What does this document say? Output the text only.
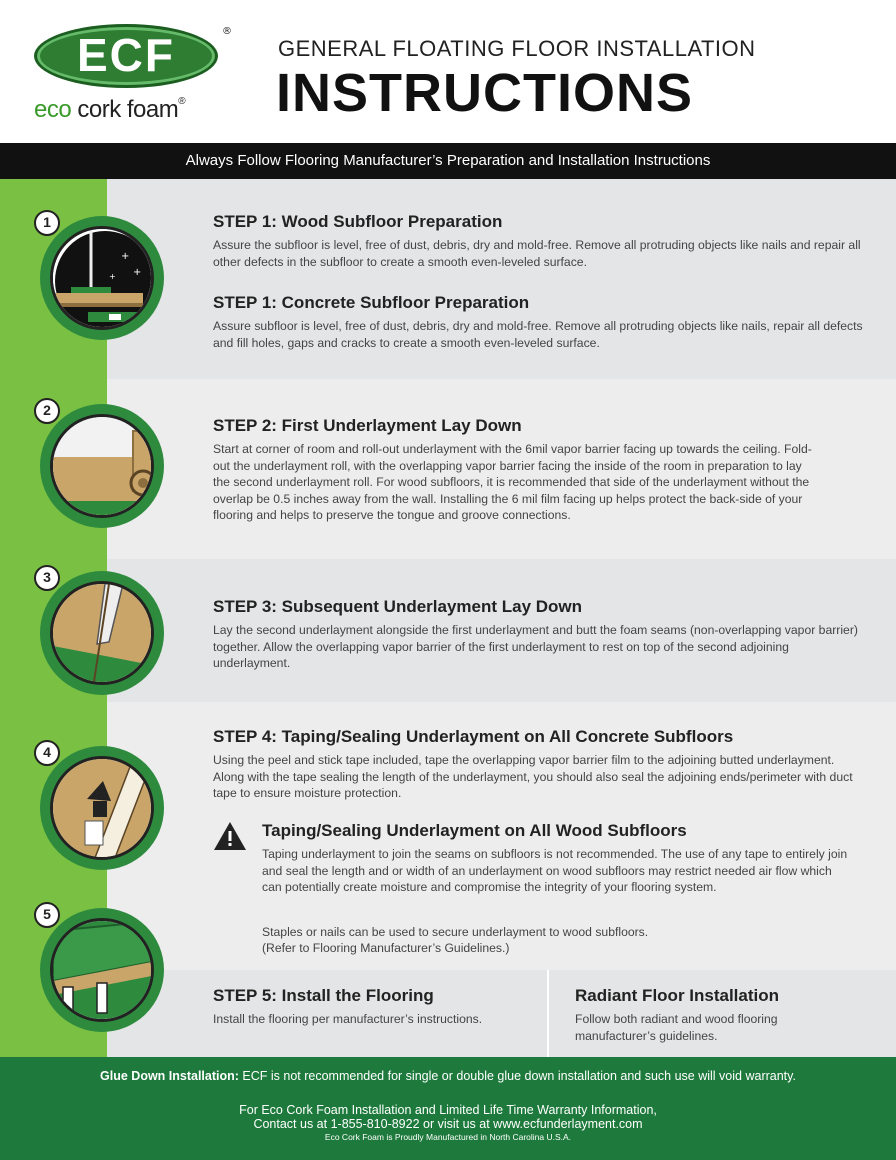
ECF	®
eco cork foam®
GENERAL FLOATING FLOOR INSTALLATION
INSTRUCTIONS
Always Follow Flooring Manufacturer’s Preparation and Installation Instructions
+
+
+
1	STEP 1: Wood Subfloor Preparation
Assure the subfloor is level, free of dust, debris, dry and mold-free. Remove all protruding objects like nails and repair all other defects in the subfloor to create a smooth even-leveled surface.
STEP 1: Concrete Subfloor Preparation
Assure subfloor is level, free of dust, debris, dry and mold-free. Remove all protruding objects like nails, repair all defects and fill holes, gaps and cracks to create a smooth even-leveled surface.
2
STEP 2: First Underlayment Lay Down
Start at corner of room and roll-out underlayment with the 6mil vapor barrier facing up towards the ceiling. Fold-out the underlayment roll, with the overlapping vapor barrier facing the inside of the room in preparation to lay the second underlayment roll. For wood subfloors, it is recommended that side of the underlayment without the overlap be 0.5 inches away from the wall. Installing the 6 mil film facing up helps protect the back-side of your flooring and helps to preserve the tongue and groove connections.
3
STEP 3: Subsequent Underlayment Lay Down
Lay the second underlayment alongside the first underlayment and butt the foam seams (non-overlapping vapor barrier) together. Allow the overlapping vapor barrier of the first underlayment to rest on top of the second adjoining underlayment.
4
STEP 4: Taping/Sealing Underlayment on All Concrete Subfloors
Using the peel and stick tape included, tape the overlapping vapor barrier film to the adjoining butted underlayment. Along with the tape sealing the length of the underlayment, you should also seal the adjoining ends/perimeter with duct tape to ensure moisture protection.
Taping/Sealing Underlayment on All Wood Subfloors
Taping underlayment to join the seams on subfloors is not recommended. The use of any tape to entirely join and seal the length and or width of an underlayment on wood subfloors may restrict needed air flow which can potentially create moisture and compromise the integrity of your flooring system.
Staples or nails can be used to secure underlayment to wood subfloors.
(Refer to Flooring Manufacturer’s Guidelines.)
5
STEP 5: Install the Flooring
Install the flooring per manufacturer’s instructions.
Radiant Floor Installation
Follow both radiant and wood flooring manufacturer’s guidelines.
Glue Down Installation: ECF is not recommended for single or double glue down installation and such use will void warranty.
For Eco Cork Foam Installation and Limited Life Time Warranty Information,
Contact us at 1-855-810-8922 or visit us at www.ecfunderlayment.com
Eco Cork Foam is Proudly Manufactured in North Carolina U.S.A.
